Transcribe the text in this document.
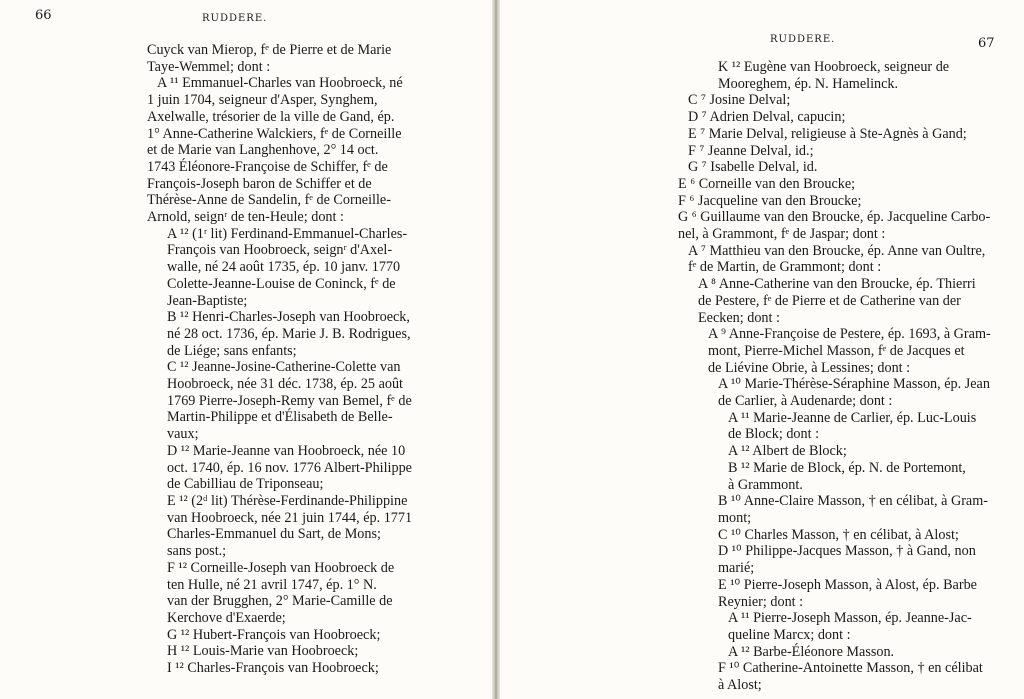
66	RUDDERE.
Cuyck van Mierop, fᵉ de Pierre et de Marie
Taye-Wemmel; dont :
A ¹¹ Emmanuel-Charles van Hoobroeck, né
1 juin 1704, seigneur d'Asper, Synghem,
Axelwalle, trésorier de la ville de Gand, ép.
1° Anne-Catherine Walckiers, fᵉ de Corneille
et de Marie van Langhenhove, 2° 14 oct.
1743 Éléonore-Françoise de Schiffer, fᵉ de
François-Joseph baron de Schiffer et de
Thérèse-Anne de Sandelin, fᵉ de Corneille-
Arnold, seignʳ de ten-Heule; dont :
A ¹² (1ʳ lit) Ferdinand-Emmanuel-Charles-
François van Hoobroeck, seignʳ d'Axel-
walle, né 24 août 1735, ép. 10 janv. 1770
Colette-Jeanne-Louise de Coninck, fᵉ de
Jean-Baptiste;
B ¹² Henri-Charles-Joseph van Hoobroeck,
né 28 oct. 1736, ép. Marie J. B. Rodrigues,
de Liége; sans enfants;
C ¹² Jeanne-Josine-Catherine-Colette van
Hoobroeck, née 31 déc. 1738, ép. 25 août
1769 Pierre-Joseph-Remy van Bemel, fᵉ de
Martin-Philippe et d'Élisabeth de Belle-
vaux;
D ¹² Marie-Jeanne van Hoobroeck, née 10
oct. 1740, ép. 16 nov. 1776 Albert-Philippe
de Cabilliau de Triponseau;
E ¹² (2ᵈ lit) Thérèse-Ferdinande-Philippine
van Hoobroeck, née 21 juin 1744, ép. 1771
Charles-Emmanuel du Sart, de Mons;
sans post.;
F ¹² Corneille-Joseph van Hoobroeck de
ten Hulle, né 21 avril 1747, ép. 1° N.
van der Brugghen, 2° Marie-Camille de
Kerchove d'Exaerde;
G ¹² Hubert-François van Hoobroeck;
H ¹² Louis-Marie van Hoobroeck;
I ¹² Charles-François van Hoobroeck;
RUDDERE.	67
K ¹² Eugène van Hoobroeck, seigneur de
Mooreghem, ép. N. Hamelinck.
C ⁷ Josine Delval;
D ⁷ Adrien Delval, capucin;
E ⁷ Marie Delval, religieuse à Ste-Agnès à Gand;
F ⁷ Jeanne Delval, id.;
G ⁷ Isabelle Delval, id.
E ⁶ Corneille van den Broucke;
F ⁶ Jacqueline van den Broucke;
G ⁶ Guillaume van den Broucke, ép. Jacqueline Carbo-
nel, à Grammont, fᵉ de Jaspar; dont :
A ⁷ Matthieu van den Broucke, ép. Anne van Oultre,
fᵉ de Martin, de Grammont; dont :
A ⁸ Anne-Catherine van den Broucke, ép. Thierri
de Pestere, fᵉ de Pierre et de Catherine van der
Eecken; dont :
A ⁹ Anne-Françoise de Pestere, ép. 1693, à Gram-
mont, Pierre-Michel Masson, fᵉ de Jacques et
de Liévine Obrie, à Lessines; dont :
A ¹⁰ Marie-Thérèse-Séraphine Masson, ép. Jean
de Carlier, à Audenarde; dont :
A ¹¹ Marie-Jeanne de Carlier, ép. Luc-Louis
de Block; dont :
A ¹² Albert de Block;
B ¹² Marie de Block, ép. N. de Portemont,
à Grammont.
B ¹⁰ Anne-Claire Masson, † en célibat, à Gram-
mont;
C ¹⁰ Charles Masson, † en célibat, à Alost;
D ¹⁰ Philippe-Jacques Masson, † à Gand, non
marié;
E ¹⁰ Pierre-Joseph Masson, à Alost, ép. Barbe
Reynier; dont :
A ¹¹ Pierre-Joseph Masson, ép. Jeanne-Jac-
queline Marcx; dont :
A ¹² Barbe-Éléonore Masson.
F ¹⁰ Catherine-Antoinette Masson, † en célibat
à Alost;
